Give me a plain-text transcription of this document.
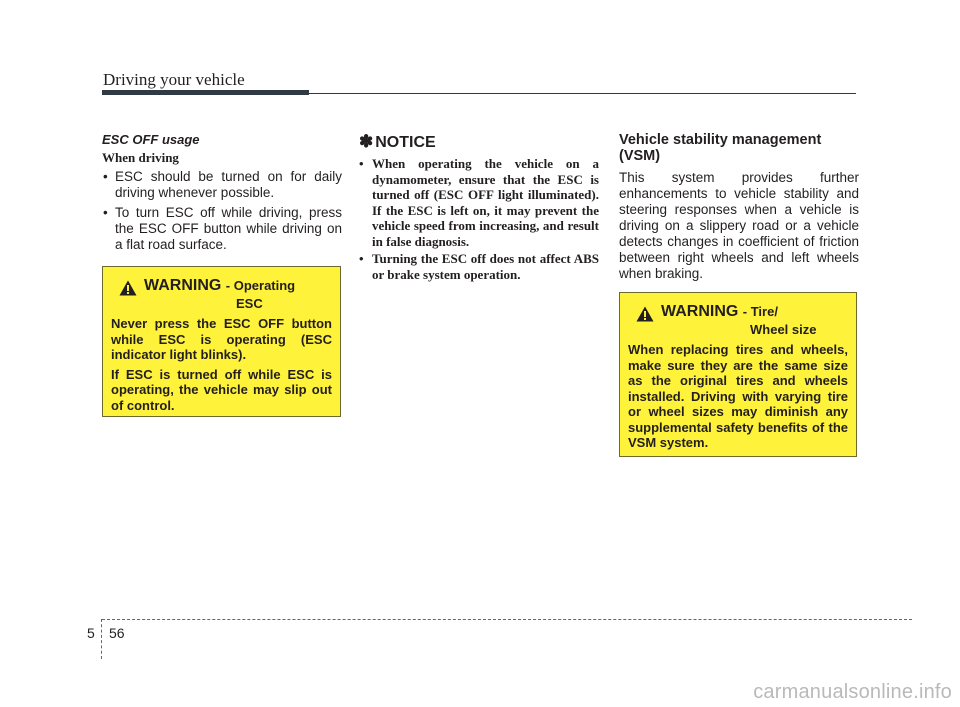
Driving your vehicle
ESC OFF usage
When driving
• ESC should be turned on for daily driving whenever possible.
• To turn ESC off while driving, press the ESC OFF button while driving on a flat road surface.
WARNING - Operating
ESC

Never press the ESC OFF button while ESC is operating (ESC indicator light blinks).

If ESC is turned off while ESC is operating, the vehicle may slip out of control.

✽ NOTICE
• When operating the vehicle on a dynamometer, ensure that the ESC is turned off (ESC OFF light illuminated). If the ESC is left on, it may prevent the vehicle speed from increasing, and result in false diagnosis.
• Turning the ESC off does not affect ABS or brake system operation.
Vehicle stability management (VSM)

This system provides further enhancements to vehicle stability and steering responses when a vehicle is driving on a slippery road or a vehicle detects changes in coefficient of friction between right wheels and left wheels when braking.

WARNING - Tire/
Wheel size

When replacing tires and wheels, make sure they are the same size as the original tires and wheels installed. Driving with varying tire or wheel sizes may diminish any supplemental safety benefits of the VSM system.

5 56
carmanualsonline.info
